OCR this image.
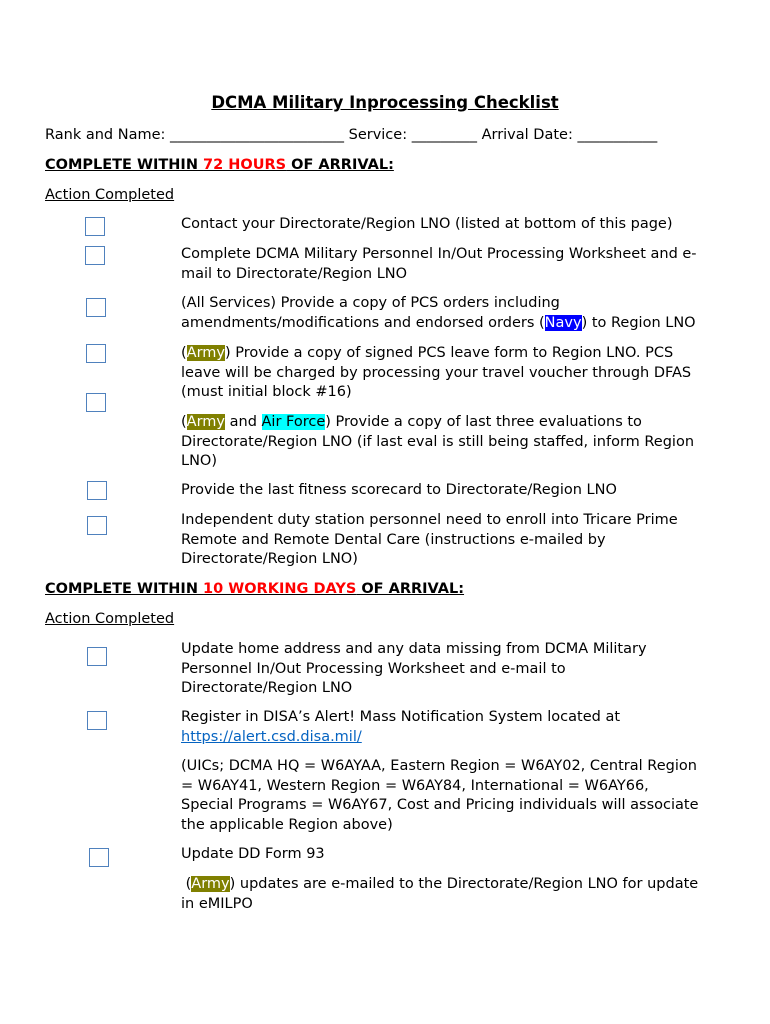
DCMA Military Inprocessing Checklist
Rank and Name: ________________________ Service: _________ Arrival Date: ___________
COMPLETE WITHIN 72 HOURS OF ARRIVAL:
Action Completed
Contact your Directorate/Region LNO (listed at bottom of this page)
Complete DCMA Military Personnel In/Out Processing Worksheet and e-
mail to Directorate/Region LNO
(All Services) Provide a copy of PCS orders including
amendments/modifications and endorsed orders (Navy) to Region LNO
(Army) Provide a copy of signed PCS leave form to Region LNO. PCS
leave will be charged by processing your travel voucher through DFAS
(must initial block #16)
(Army and Air Force) Provide a copy of last three evaluations to
Directorate/Region LNO (if last eval is still being staffed, inform Region
LNO)
Provide the last fitness scorecard to Directorate/Region LNO
Independent duty station personnel need to enroll into Tricare Prime
Remote and Remote Dental Care (instructions e-mailed by
Directorate/Region LNO)
COMPLETE WITHIN 10 WORKING DAYS OF ARRIVAL:
Action Completed
Update home address and any data missing from DCMA Military
Personnel In/Out Processing Worksheet and e-mail to
Directorate/Region LNO
Register in DISA’s Alert! Mass Notification System located at
https://alert.csd.disa.mil/
(UICs; DCMA HQ = W6AYAA, Eastern Region = W6AY02, Central Region
= W6AY41, Western Region = W6AY84, International = W6AY66,
Special Programs = W6AY67, Cost and Pricing individuals will associate
the applicable Region above)
Update DD Form 93
(Army) updates are e-mailed to the Directorate/Region LNO for update
in eMILPO
